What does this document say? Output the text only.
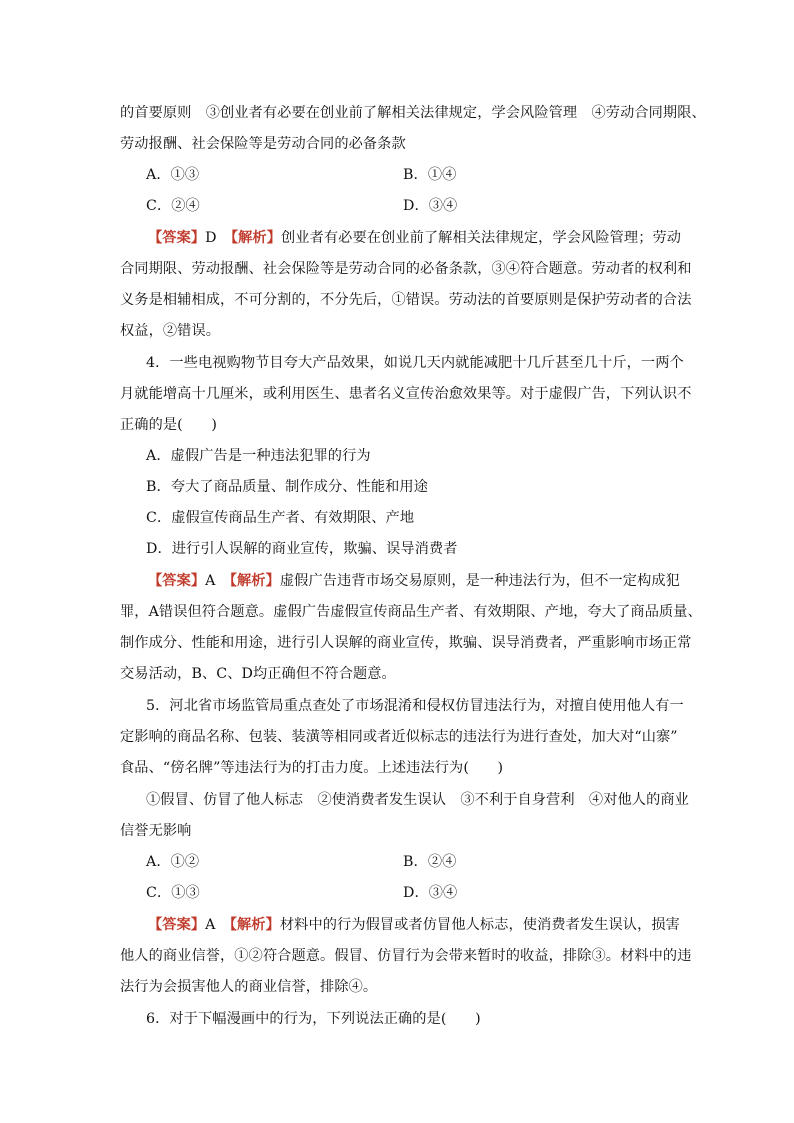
的首要原则　③创业者有必要在创业前了解相关法律规定，学会风险管理　④劳动合同期限、
劳动报酬、社会保险等是劳动合同的必备条款
A．①③	B．①④
C．②④	D．③④
【答案】D　 【解析】创业者有必要在创业前了解相关法律规定，学会风险管理；劳动
合同期限、劳动报酬、社会保险等是劳动合同的必备条款，③④符合题意。劳动者的权利和
义务是相辅相成，不可分割的，不分先后，①错误。劳动法的首要原则是保护劳动者的合法
权益，②错误。
4．一些电视购物节目夸大产品效果，如说几天内就能减肥十几斤甚至几十斤，一两个
月就能增高十几厘米，或利用医生、患者名义宣传治愈效果等。对于虚假广告，下列认识不
正确的是(　　)
A．虚假广告是一种违法犯罪的行为
B．夸大了商品质量、制作成分、性能和用途
C．虚假宣传商品生产者、有效期限、产地
D．进行引人误解的商业宣传，欺骗、误导消费者
【答案】A　 【解析】虚假广告违背市场交易原则，是一种违法行为，但不一定构成犯
罪，A错误但符合题意。虚假广告虚假宣传商品生产者、有效期限、产地，夸大了商品质量、
制作成分、性能和用途，进行引人误解的商业宣传，欺骗、误导消费者，严重影响市场正常
交易活动，B、C、D均正确但不符合题意。
5．河北省市场监管局重点查处了市场混淆和侵权仿冒违法行为，对擅自使用他人有一
定影响的商品名称、包装、装潢等相同或者近似标志的违法行为进行查处，加大对“山寨”
食品、“傍名牌”等违法行为的打击力度。上述违法行为(　　)
①假冒、仿冒了他人标志　②使消费者发生误认　③不利于自身营利　④对他人的商业
信誉无影响
A．①②	B．②④
C．①③	D．③④
【答案】A　 【解析】材料中的行为假冒或者仿冒他人标志，使消费者发生误认，损害
他人的商业信誉，①②符合题意。假冒、仿冒行为会带来暂时的收益，排除③。材料中的违
法行为会损害他人的商业信誉，排除④。
6．对于下幅漫画中的行为，下列说法正确的是(　　)
